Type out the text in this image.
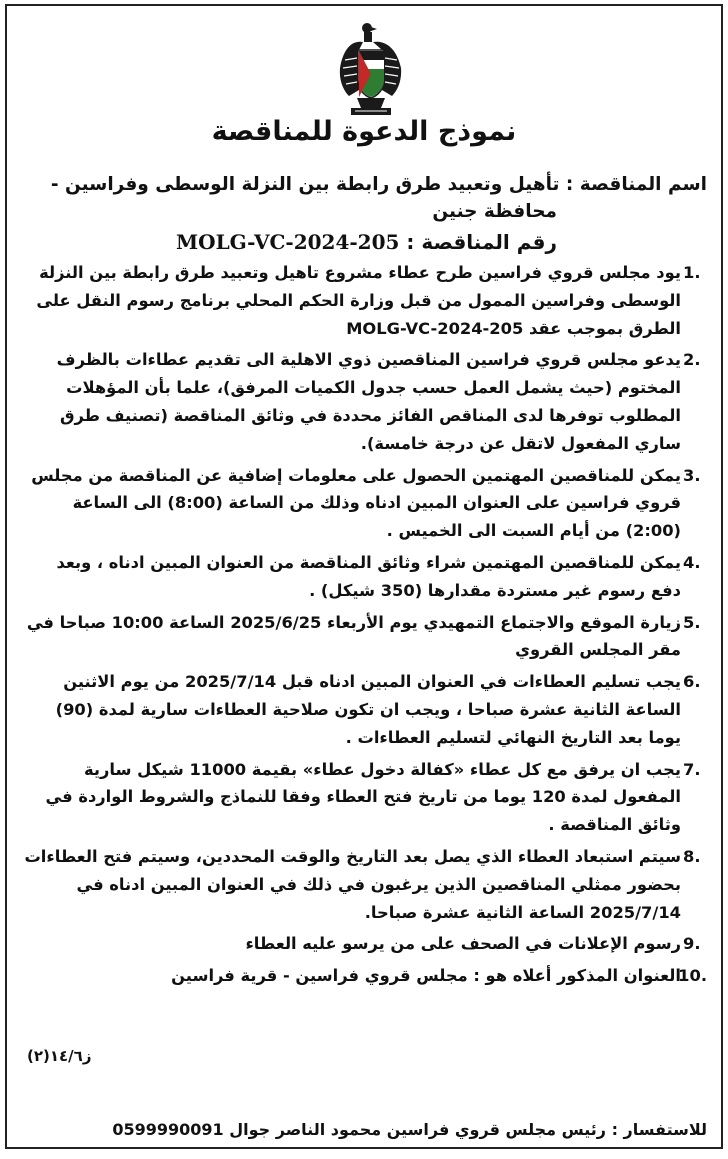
نموذج الدعوة للمناقصة

اسم المناقصة : تأهيل وتعبيد طرق رابطة بين النزلة الوسطى وفراسين -
محافظة جنين

رقم المناقصة : MOLG-VC-2024-205

.1
يود مجلس قروي فراسين طرح عطاء مشروع تاهيل وتعبيد طرق رابطة بين النزلة الوسطى وفراسين الممول من قبل وزارة الحكم المحلي برنامج رسوم النقل على الطرق بموجب عقد MOLG-VC-2024-205
.2
يدعو مجلس قروي فراسين المناقصين ذوي الاهلية الى تقديم عطاءات بالظرف المختوم (حيث يشمل العمل حسب جدول الكميات المرفق)، علما بأن المؤهلات المطلوب توفرها لدى المناقص الفائز محددة في وثائق المناقصة (تصنيف طرق ساري المفعول لاتقل عن درجة خامسة).
.3
يمكن للمناقصين المهتمين الحصول على معلومات إضافية عن المناقصة من مجلس قروي فراسين على العنوان المبين ادناه وذلك من الساعة (8:00) الى الساعة (2:00) من أيام السبت الى الخميس .
.4
يمكن للمناقصين المهتمين شراء وثائق المناقصة من العنوان المبين ادناه ، وبعد دفع رسوم غير مستردة مقدارها (350 شيكل) .
.5
زيارة الموقع والاجتماع التمهيدي يوم الأربعاء 2025/6/25 الساعة 10:00 صباحا في مقر المجلس القروي
.6
يجب تسليم العطاءات في العنوان المبين ادناه قبل 2025/7/14 من يوم الاثنين الساعة الثانية عشرة صباحا ، ويجب ان تكون صلاحية العطاءات سارية لمدة (90) يوما بعد التاريخ النهائي لتسليم العطاءات .
.7
يجب ان يرفق مع كل عطاء «كفالة دخول عطاء» بقيمة 11000 شيكل سارية المفعول لمدة 120 يوما من تاريخ فتح العطاء وفقا للنماذج والشروط الواردة في وثائق المناقصة .
.8
سيتم استبعاد العطاء الذي يصل بعد التاريخ والوقت المحددين، وسيتم فتح العطاءات بحضور ممثلي المناقصين الذين يرغبون في ذلك في العنوان المبين ادناه في 2025/7/14 الساعة الثانية عشرة صباحا.
.9
رسوم الإعلانات في الصحف على من يرسو عليه العطاء
.10
العنوان المذكور أعلاه هو : مجلس قروي فراسين - قرية فراسين
ز١٤/٦(٢)
للاستفسار : رئيس مجلس قروي فراسين محمود الناصر جوال 0599990091
